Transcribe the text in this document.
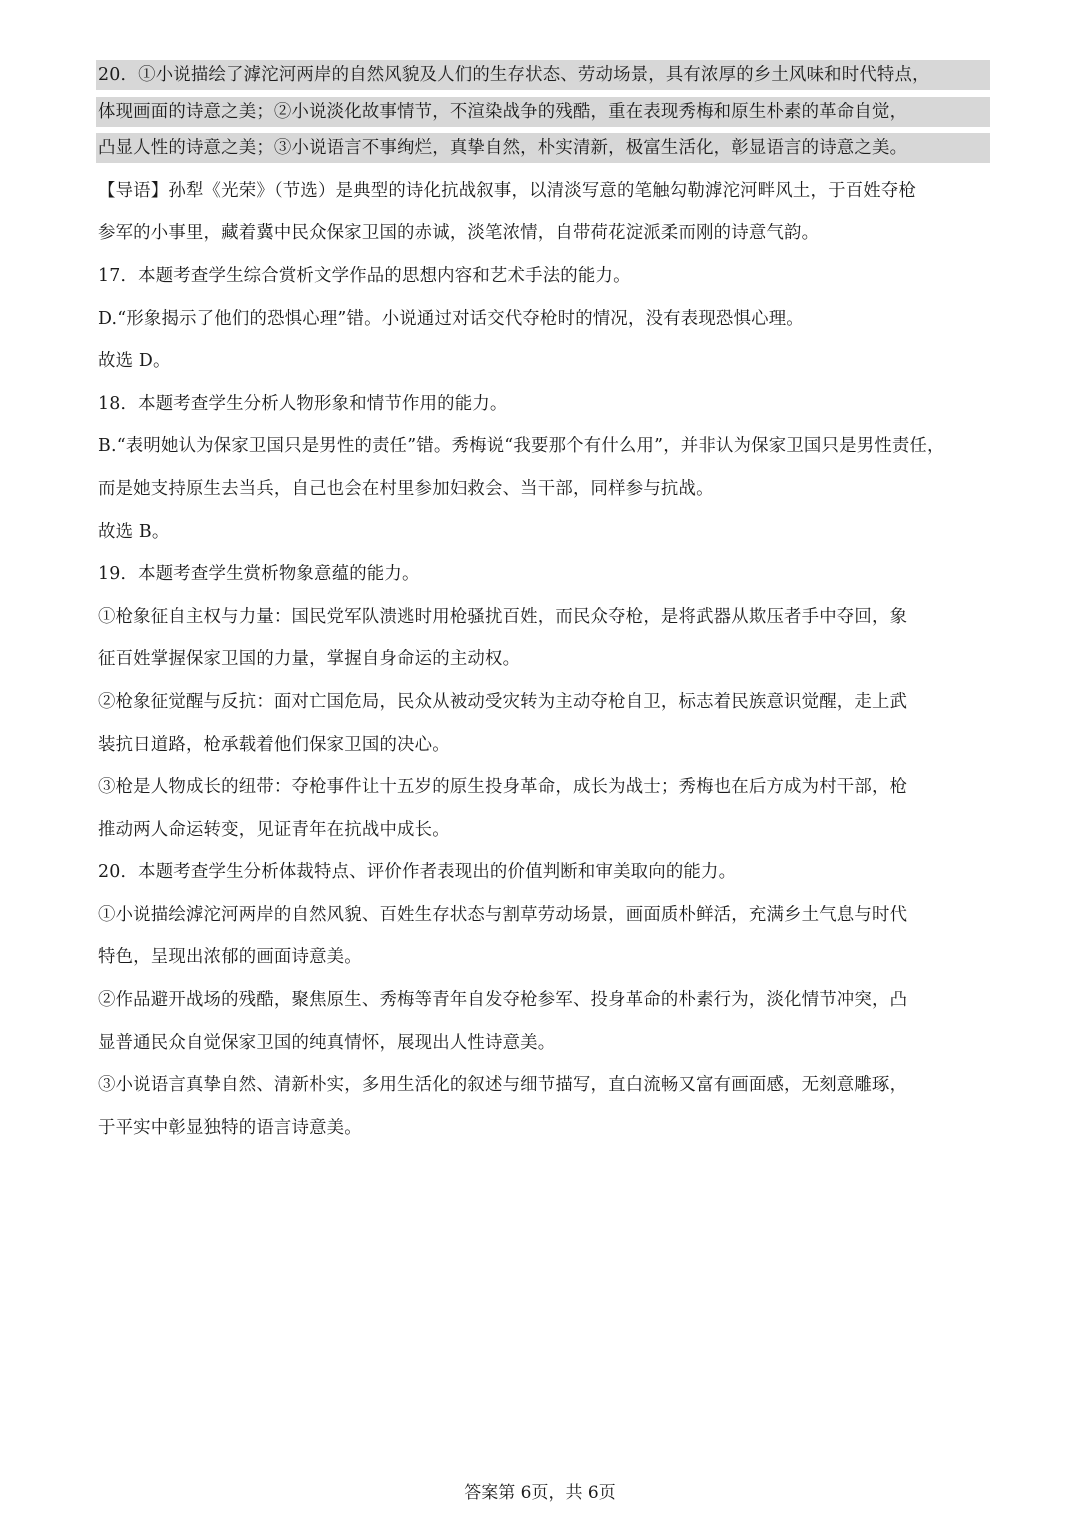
20．①小说描绘了滹沱河两岸的自然风貌及人们的生存状态、劳动场景，具有浓厚的乡土风味和时代特点，
体现画面的诗意之美；②小说淡化故事情节，不渲染战争的残酷，重在表现秀梅和原生朴素的革命自觉，
凸显人性的诗意之美；③小说语言不事绚烂，真挚自然，朴实清新，极富生活化，彰显语言的诗意之美。
【导语】孙犁《光荣》（节选）是典型的诗化抗战叙事，以清淡写意的笔触勾勒滹沱河畔风土，于百姓夺枪
参军的小事里，藏着冀中民众保家卫国的赤诚，淡笔浓情，自带荷花淀派柔而刚的诗意气韵。
17．本题考查学生综合赏析文学作品的思想内容和艺术手法的能力。
D.“形象揭示了他们的恐惧心理”错。小说通过对话交代夺枪时的情况，没有表现恐惧心理。
故选 D。
18．本题考查学生分析人物形象和情节作用的能力。
B.“表明她认为保家卫国只是男性的责任”错。秀梅说“我要那个有什么用”，并非认为保家卫国只是男性责任，
而是她支持原生去当兵，自己也会在村里参加妇救会、当干部，同样参与抗战。
故选 B。
19．本题考查学生赏析物象意蕴的能力。
①枪象征自主权与力量：国民党军队溃逃时用枪骚扰百姓，而民众夺枪，是将武器从欺压者手中夺回，象
征百姓掌握保家卫国的力量，掌握自身命运的主动权。
②枪象征觉醒与反抗：面对亡国危局，民众从被动受灾转为主动夺枪自卫，标志着民族意识觉醒，走上武
装抗日道路，枪承载着他们保家卫国的决心。
③枪是人物成长的纽带：夺枪事件让十五岁的原生投身革命，成长为战士；秀梅也在后方成为村干部，枪
推动两人命运转变，见证青年在抗战中成长。
20．本题考查学生分析体裁特点、评价作者表现出的价值判断和审美取向的能力。
①小说描绘滹沱河两岸的自然风貌、百姓生存状态与割草劳动场景，画面质朴鲜活，充满乡土气息与时代
特色，呈现出浓郁的画面诗意美。
②作品避开战场的残酷，聚焦原生、秀梅等青年自发夺枪参军、投身革命的朴素行为，淡化情节冲突，凸
显普通民众自觉保家卫国的纯真情怀，展现出人性诗意美。
③小说语言真挚自然、清新朴实，多用生活化的叙述与细节描写，直白流畅又富有画面感，无刻意雕琢，
于平实中彰显独特的语言诗意美。
答案第 6页，共 6页
